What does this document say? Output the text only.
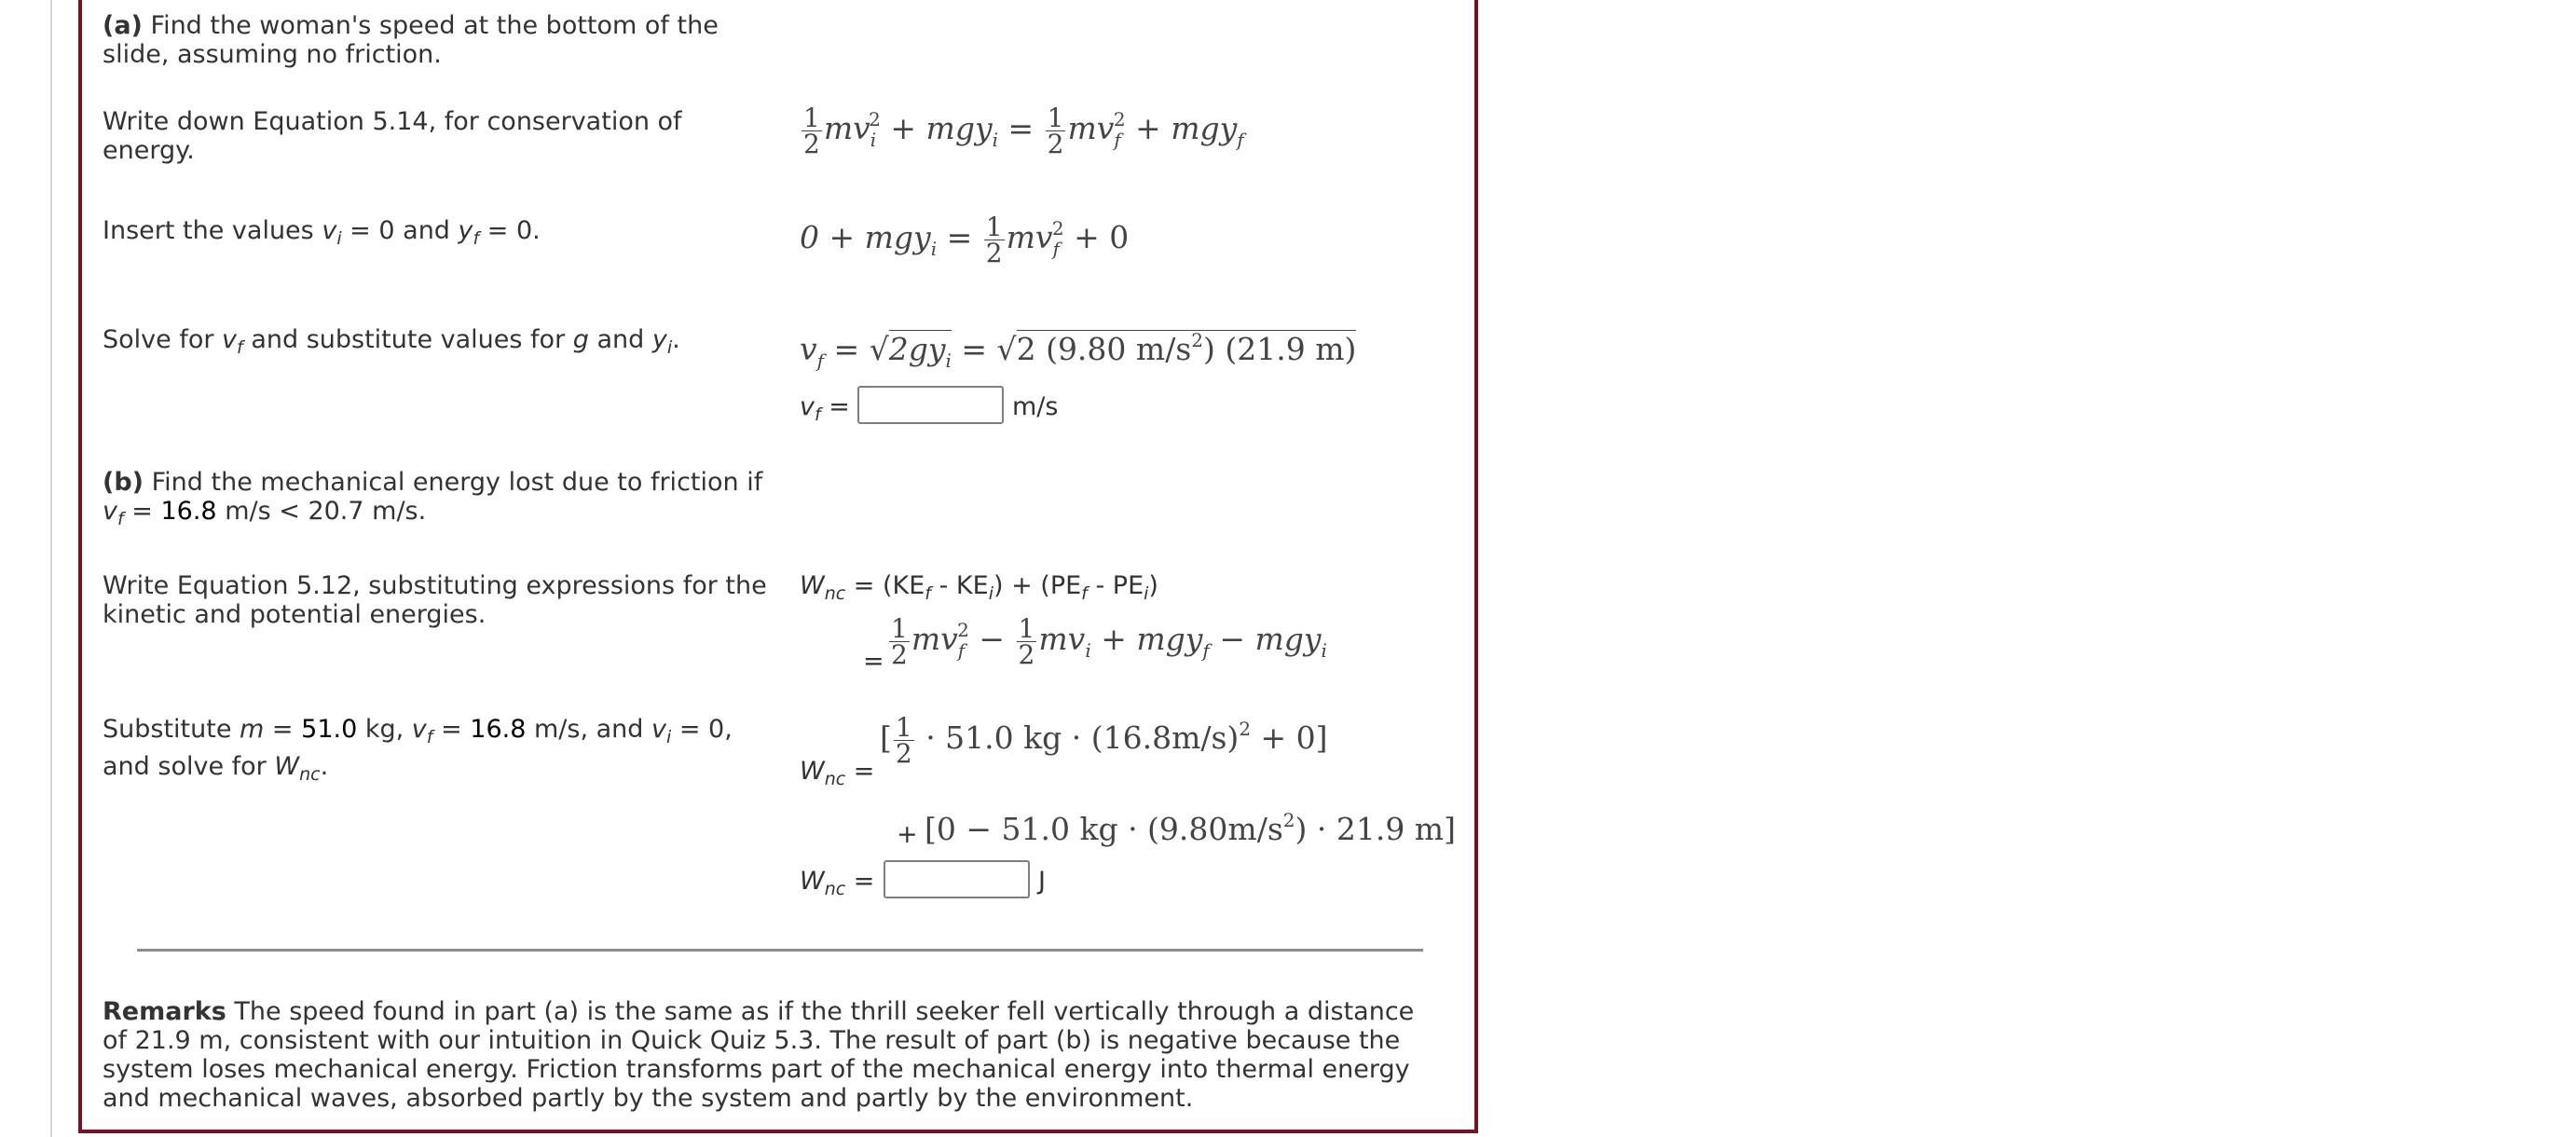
(a) Find the woman's speed at the bottom of the
slide, assuming no friction.
Write down Equation 5.14, for conservation of
energy.	$\frac{1}{2} mv_i^2 + mgy_i = \frac{1}{2} mv_f^2 + mgy_f$
Insert the values $v_i = 0$ and $y_f = 0$.	$0 + mgy_i = \frac{1}{2} mv_f^2 + 0$
Solve for $v_f$ and substitute values for g and $y_i$.	$v_f = √2gy_i = √2$ (9.80 $m/s^2$) (21.9 m)
$v_f$ =	m/s
(b) Find the mechanical energy lost due to friction if
$v_f = 16.8$ m/s < 20.7 m/s.
Write Equation 5.12, substituting expressions for the
kinetic and potential energies.
$W_{nc} = (KE_f - KE_i) + (PE_f - PE_i)$
= $\frac{1}{2} mv_f^2 - \frac{1}{2} mv_i + mgy_f - mgy_i$
Substitute m = 51.0 kg, $v_f = 16.8$ m/s, and $v_i = 0$,
and solve for $W_{nc}$.	$W_{nc}$ =
[ $\frac{1}{2} \cdot 51.0$ kg · $(16.8m/s)^2 + 0$]
+ [0 − 51.0 kg · $(9.80m/s^2) \cdot 21.9$ m]
$W_{nc}$ =	J
Remarks The speed found in part (a) is the same as if the thrill seeker fell vertically through a distance of 21.9 m, consistent with our intuition in Quick Quiz 5.3. The result of part (b) is negative because the system loses mechanical energy. Friction transforms part of the mechanical energy into thermal energy and mechanical waves, absorbed partly by the system and partly by the environment.
